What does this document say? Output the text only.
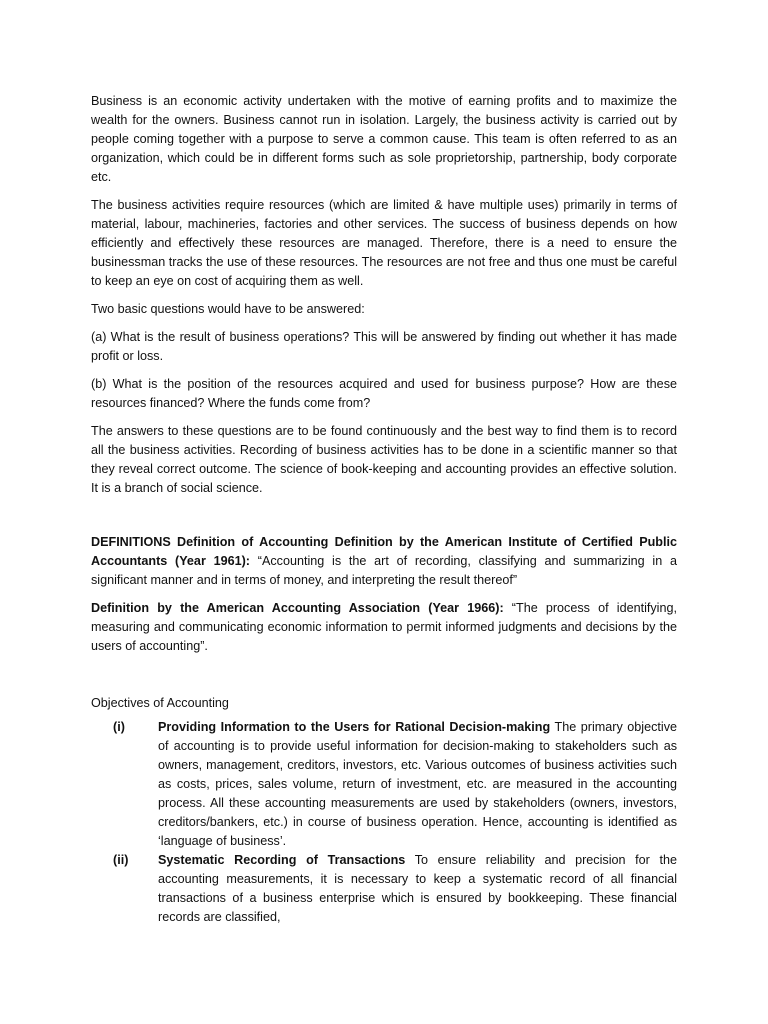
Business is an economic activity undertaken with the motive of earning profits and to maximize the wealth for the owners. Business cannot run in isolation. Largely, the business activity is carried out by people coming together with a purpose to serve a common cause. This team is often referred to as an organization, which could be in different forms such as sole proprietorship, partnership, body corporate etc.

The business activities require resources (which are limited & have multiple uses) primarily in terms of material, labour, machineries, factories and other services. The success of business depends on how efficiently and effectively these resources are managed. Therefore, there is a need to ensure the businessman tracks the use of these resources. The resources are not free and thus one must be careful to keep an eye on cost of acquiring them as well.

Two basic questions would have to be answered:

(a) What is the result of business operations? This will be answered by finding out whether it has made profit or loss.

(b) What is the position of the resources acquired and used for business purpose? How are these resources financed? Where the funds come from?

The answers to these questions are to be found continuously and the best way to find them is to record all the business activities. Recording of business activities has to be done in a scientific manner so that they reveal correct outcome. The science of book-keeping and accounting provides an effective solution. It is a branch of social science.

DEFINITIONS Definition of Accounting Definition by the American Institute of Certified Public Accountants (Year 1961): “Accounting is the art of recording, classifying and summarizing in a significant manner and in terms of money, and interpreting the result thereof”

Definition by the American Accounting Association (Year 1966): “The process of identifying, measuring and communicating economic information to permit informed judgments and decisions by the users of accounting”.

Objectives of Accounting

(i)	Providing Information to the Users for Rational Decision-making The primary objective of accounting is to provide useful information for decision-making to stakeholders such as owners, management, creditors, investors, etc. Various outcomes of business activities such as costs, prices, sales volume, return of investment, etc. are measured in the accounting process. All these accounting measurements are used by stakeholders (owners, investors, creditors/bankers, etc.) in course of business operation. Hence, accounting is identified as ‘language of business’.
(ii)	Systematic Recording of Transactions To ensure reliability and precision for the accounting measurements, it is necessary to keep a systematic record of all financial transactions of a business enterprise which is ensured by bookkeeping. These financial records are classified,
